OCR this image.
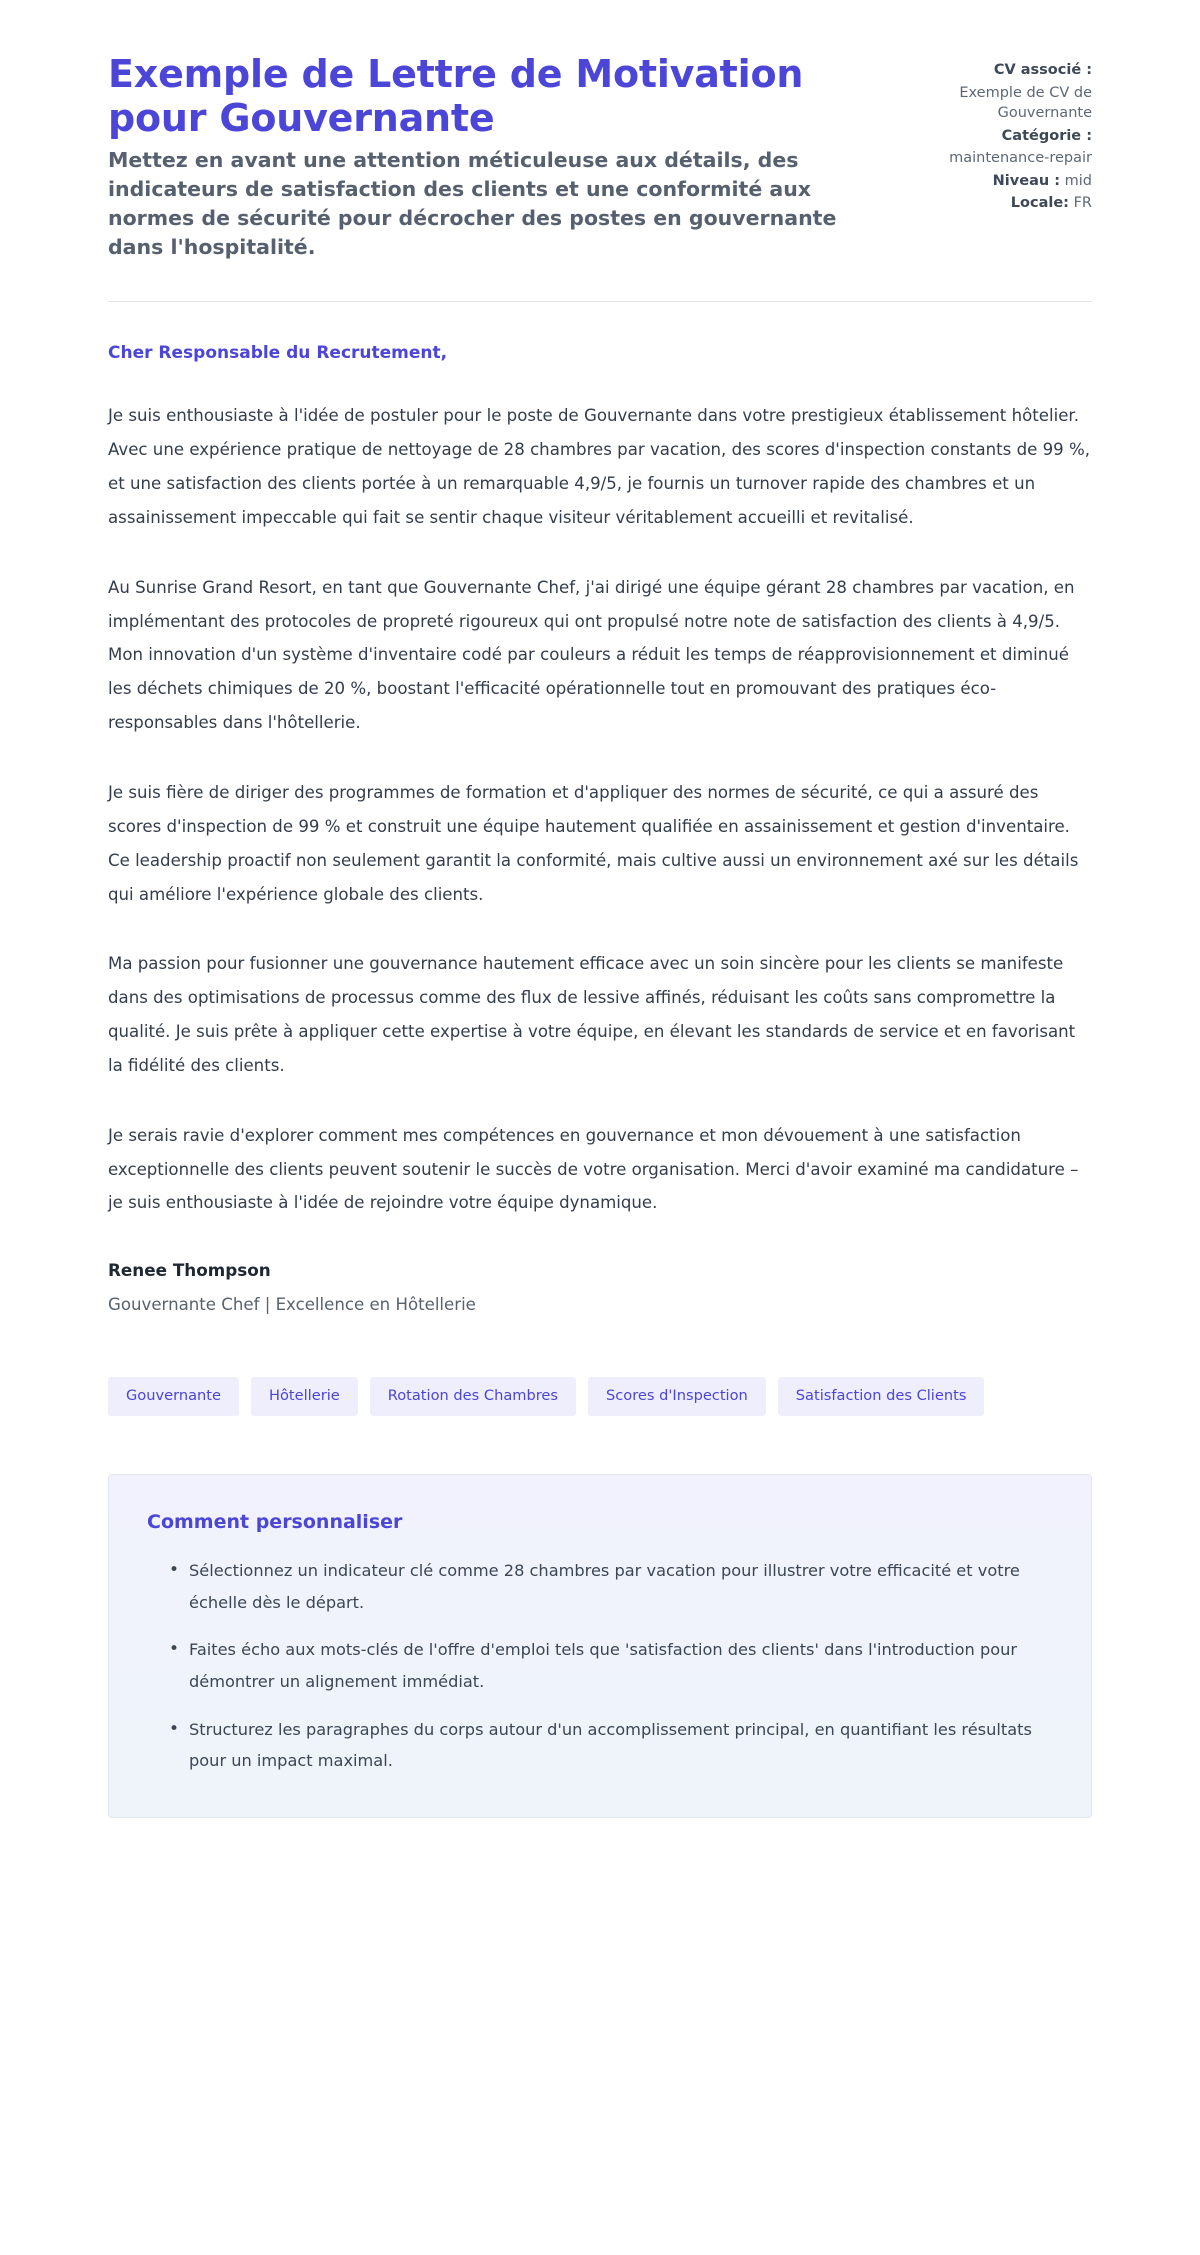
Exemple de Lettre de Motivation pour Gouvernante

Mettez en avant une attention méticuleuse aux détails, des indicateurs de satisfaction des clients et une conformité aux normes de sécurité pour décrocher des postes en gouvernante dans l'hospitalité.

CV associé :
Exemple de CV de Gouvernante
Catégorie :
maintenance-repair
Niveau : mid
Locale: FR

Cher Responsable du Recrutement,

Je suis enthousiaste à l'idée de postuler pour le poste de Gouvernante dans votre prestigieux établissement hôtelier. Avec une expérience pratique de nettoyage de 28 chambres par vacation, des scores d'inspection constants de 99 %, et une satisfaction des clients portée à un remarquable 4,9/5, je fournis un turnover rapide des chambres et un assainissement impeccable qui fait se sentir chaque visiteur véritablement accueilli et revitalisé.

Au Sunrise Grand Resort, en tant que Gouvernante Chef, j'ai dirigé une équipe gérant 28 chambres par vacation, en implémentant des protocoles de propreté rigoureux qui ont propulsé notre note de satisfaction des clients à 4,9/5. Mon innovation d'un système d'inventaire codé par couleurs a réduit les temps de réapprovisionnement et diminué les déchets chimiques de 20 %, boostant l'efficacité opérationnelle tout en promouvant des pratiques éco-responsables dans l'hôtellerie.

Je suis fière de diriger des programmes de formation et d'appliquer des normes de sécurité, ce qui a assuré des scores d'inspection de 99 % et construit une équipe hautement qualifiée en assainissement et gestion d'inventaire. Ce leadership proactif non seulement garantit la conformité, mais cultive aussi un environnement axé sur les détails qui améliore l'expérience globale des clients.

Ma passion pour fusionner une gouvernance hautement efficace avec un soin sincère pour les clients se manifeste dans des optimisations de processus comme des flux de lessive affinés, réduisant les coûts sans compromettre la qualité. Je suis prête à appliquer cette expertise à votre équipe, en élevant les standards de service et en favorisant la fidélité des clients.

Je serais ravie d'explorer comment mes compétences en gouvernance et mon dévouement à une satisfaction exceptionnelle des clients peuvent soutenir le succès de votre organisation. Merci d'avoir examiné ma candidature – je suis enthousiaste à l'idée de rejoindre votre équipe dynamique.

Renee Thompson

Gouvernante Chef | Excellence en Hôtellerie

Gouvernante	Hôtellerie	Rotation des Chambres	Scores d'Inspection	Satisfaction des Clients
Comment personnaliser
• Sélectionnez un indicateur clé comme 28 chambres par vacation pour illustrer votre efficacité et votre échelle dès le départ.
• Faites écho aux mots-clés de l'offre d'emploi tels que 'satisfaction des clients' dans l'introduction pour démontrer un alignement immédiat.
• Structurez les paragraphes du corps autour d'un accomplissement principal, en quantifiant les résultats pour un impact maximal.
